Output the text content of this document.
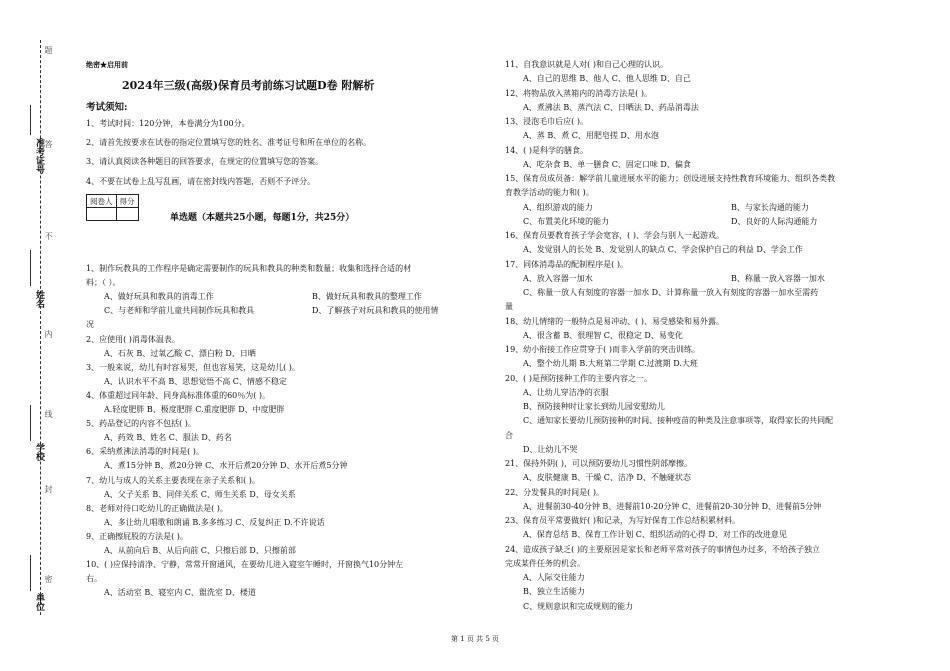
题
答
不
内
线
封
密
准考证号
姓名
学校
单位
绝密★启用前
2024年三级(高级)保育员考前练习试题D卷 附解析
考试须知:
1、考试时间：120分钟，本卷满分为100分。
2、请首先按要求在试卷的指定位置填写您的姓名、准考证号和所在单位的名称。
3、请认真阅读各种题目的回答要求，在规定的位置填写您的答案。
4、不要在试卷上乱写乱画，请在密封线内答题，否则不予评分。
阅卷人	得分

单选题（本题共25小题，每题1分，共25分）
1、制作玩教具的工作程序是确定需要制作的玩具和教具的种类和数量；收集和选择合适的材
料；（ ）。
A、做好玩具和教具的消毒工作	B、做好玩具和教具的整理工作
C、与老师和学前儿童共同制作玩具和教具	D、了解孩子对玩具和教具的使用情
况
2、应使用( )消毒体温表。
A、石灰 B、过氧乙酸 C、漂白粉 D、日晒
3、一般来说，幼儿有时容易哭，但也容易笑，这是幼儿( )。
A、认识水平不高 B、思想觉悟不高 C、情感不稳定
4、体重超过同年龄、同身高标准体重的60％为( )。
A.轻度肥胖 B、极度肥胖 C.重度肥胖 D、中度肥胖
5、药品登记的内容不包括( )。
A、药效 B、姓名 C、服法 D、药名
6、采纳煮沸法消毒的时间是( )。
A、煮15分钟 B、煮20分钟 C、水开后煮20分钟 D、水开后煮5分钟
7、幼儿与成人的关系主要表现在亲子关系和( )。
A、父子关系 B、同伴关系 C、师生关系 D、母女关系
8、老师对待口吃幼儿的正确做法是( )。
A、多让幼儿唱歌和朗诵 B.多多练习 C、反复纠正 D.不许说话
9、正确擦屁股的方法是( )。
A、从前向后 B、从后向前 C、只擦后部 D、只擦前部
10、( )应保持清净、宁静，常常开窗通风，在要幼儿进入寝室午睡时，开窗换气10分钟左
右。
A、活动室 B、寝室内 C、盥洗室 D、楼道
11、自我意识就是人对( )和自己心理的认识。
A、自己的思维 B、他人 C、他人思维 D、自己
12、将物品放入蒸箱内的消毒方法是( )。
A、煮沸法 B、蒸汽法 C、日晒法 D、药品消毒法
13、浸泡毛巾后应( )。
A、蒸 B、煮 C、用肥皂搓 D、用水泡
14、( )是科学的膳食。
A、吃杂食 B、单一膳食 C、固定口味 D、偏食
15、保育员成员备‎：解学前儿童进展水平的能力；创设进展支持性教育环境能力、组织各类教
育教学活动的能力和( )。
A、组织游戏的能力	B、与家长沟通的能力
C、布置美化环境的能力	D、良好的人际沟通能力
16、保育员要教育孩子学会宽容，( )、学会与别人一起游戏。
A、发觉别人的长处 B、发觉别人的缺点 C、学会保护自己的利益 D、学会工作
17、同体消毒品的配制程序是( )。
A、放入容器一加水	B、称量一放入容器一加水
C、称量一放人有刻度的容器一加水 D、计算称量一放入有刻度的容器一加水至需药
量
18、幼儿情绪的一般特点是易冲动、( )、易受感染和易外露。
A、很含蓄 B、很理智 C、很稳定 D、易变化
19、幼小衔接工作应贯穿于( )而非入学前的突击训练。
A、整个幼儿期 B.大班第二学期 C.过渡期 D.大班
20、( )是预防接种工作的主要内容之一。
A、让幼儿穿洁净的衣服
B、预防接种时让家长到幼儿园安慰幼儿
C、通知家长要幼儿预防接种的时间、接种疫苗的种类及注意事项等，取得家长的共同配
合
D、让幼儿不哭
21、保持外阴( )，可以预防要幼儿习惯性阴部摩擦。
A、皮肤健康 B、干燥 C、洁净 D、不触碰状态
22、分发餐具的时间是( )。
A、进餐前30-40分钟 B、进餐前10-20分钟 C、进餐前20-30分钟 D、进餐前5分钟
23、保育员平常要做好( )和记录，为写好保育工作总结积累材料。
A、保育总结 B、保育工作计划 C、组织活动的心得 D、对工作的改进意见
24、造成孩子缺乏( )的主要原因是家长和老师平常对孩子的事情包办过多，不给孩子独立
完成某件任务的机会。
A、人际交往能力
B、独立生活能力
C、规则意识和完成规则的能力
第 1 页 共 5 页
